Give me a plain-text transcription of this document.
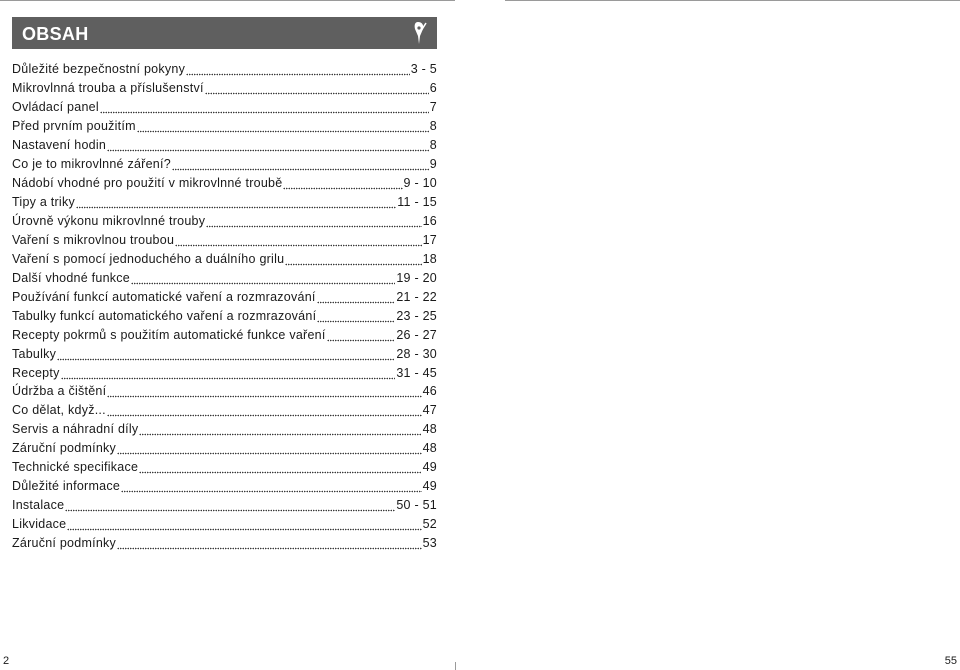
OBSAH
Důležité bezpečnostní pokyny	3 - 5
Mikrovlnná trouba a příslušenství	6
Ovládací panel	7
Před prvním použitím	8
Nastavení hodin	8
Co je to mikrovlnné záření?	9
Nádobí vhodné pro použití v mikrovlnné troubě	9 - 10
Tipy a triky	11 - 15
Úrovně výkonu mikrovlnné trouby	16
Vaření s mikrovlnou troubou	17
Vaření s pomocí jednoduchého a duálního grilu	18
Další vhodné funkce	19 - 20
Používání funkcí automatické vaření a rozmrazování	21 - 22
Tabulky funkcí automatického vaření a rozmrazování	23 - 25
Recepty pokrmů s použitím automatické funkce vaření	26 - 27
Tabulky	28 - 30
Recepty	31 - 45
Údržba a čištění	46
Co dělat, když...	47
Servis a náhradní díly	48
Záruční podmínky	48
Technické specifikace	49
Důležité informace	49
Instalace	50 - 51
Likvidace	52
Záruční podmínky	53
2	55
